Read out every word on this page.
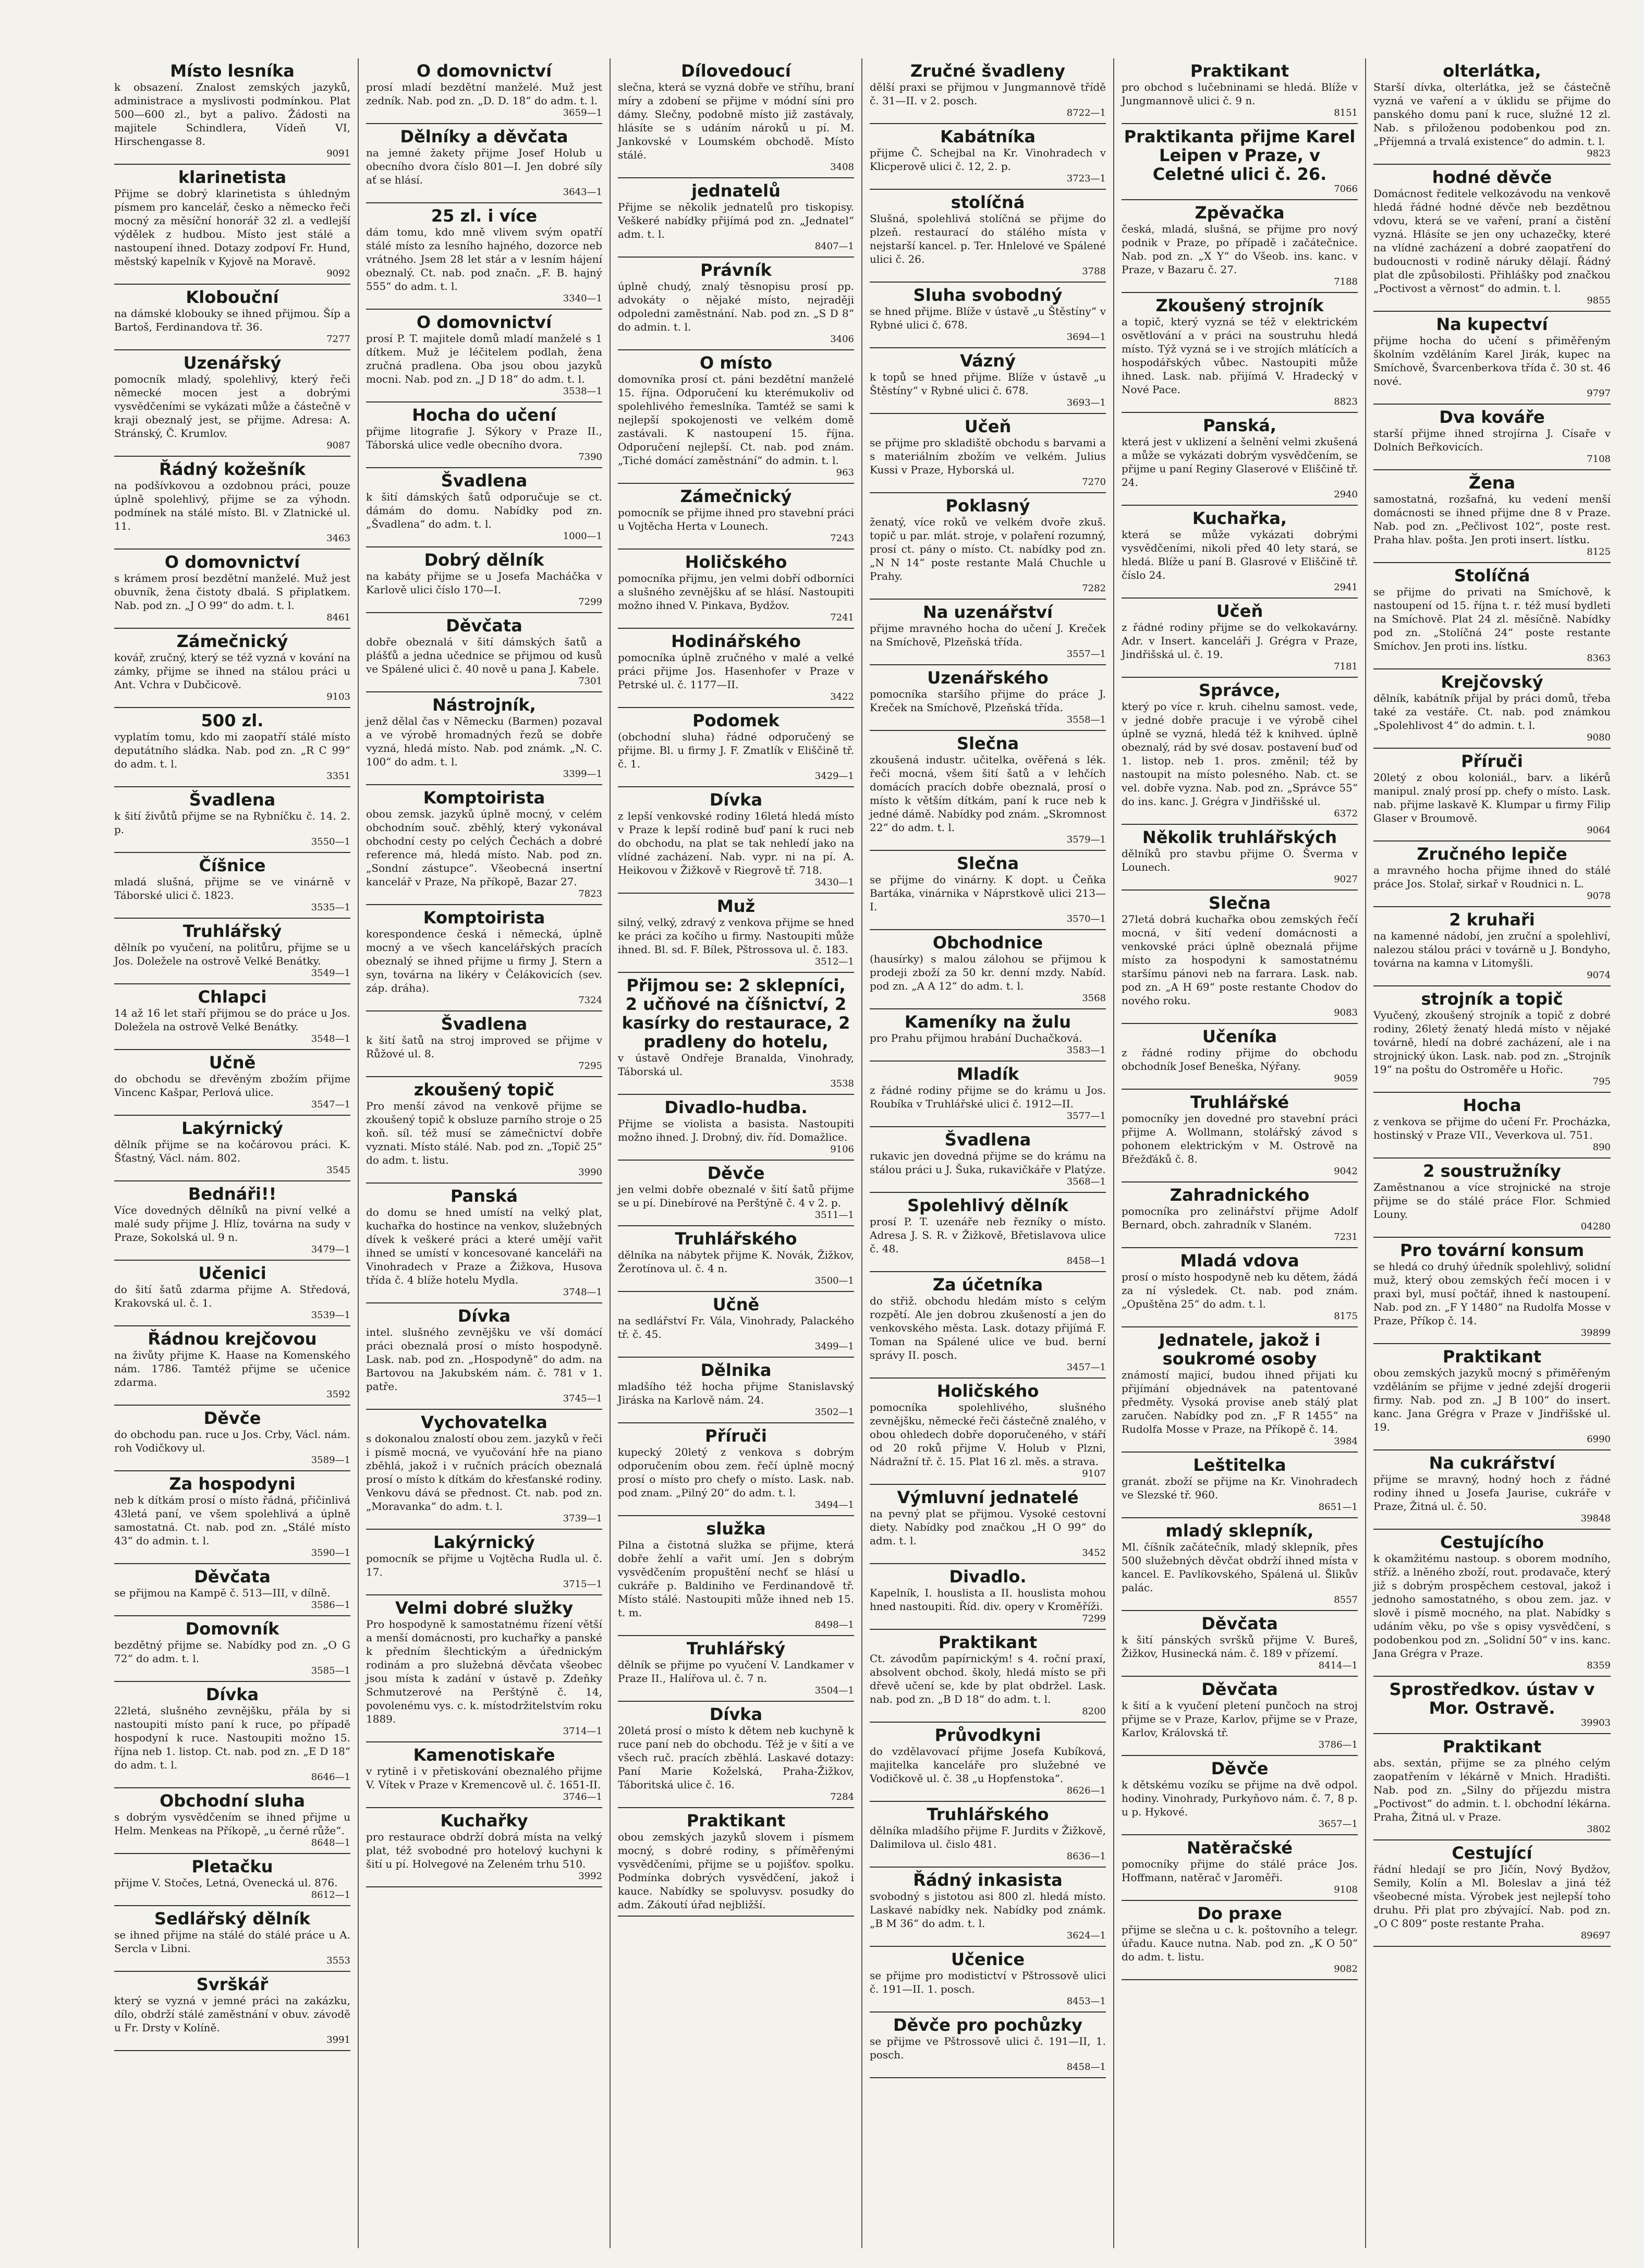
Místo lesníka

k obsazení. Znalost zemských jazyků, administrace a myslivosti podmínkou. Plat 500—600 zl., byt a palivo. Žádosti na majitele Schindlera, Vídeň VI, Hirschengasse 8.

9091
klarinetista

Přijme se dobrý klarinetista s úhledným písmem pro kancelář, česko a německo řeči mocný za měsíční honorář 32 zl. a vedlejší výdělek z hudbou. Místo jest stálé a nastoupení ihned. Dotazy zodpoví Fr. Hund, městský kapelník v Kyjově na Moravě.

9092
Klobouční

na dámské klobouky se ihned přijmou. Šíp a Bartoš, Ferdinandova tř. 36.

7277
Uzenářský

pomocník mladý, spolehlivý, který řeči německé mocen jest a dobrými vysvědčeními se vykázati může a částečně v kraji obeznalý jest, se přijme. Adresa: A. Stránský, Č. Krumlov.

9087
Řádný kožešník

na podšívkovou a ozdobnou práci, pouze úplně spolehlivý, přijme se za výhodn. podmínek na stálé místo. Bl. v Zlatnické ul. 11.

3463
O domovnictví

s krámem prosí bezdětní manželé. Muž jest obuvník, žena čistoty dbalá. S připlatkem. Nab. pod zn. „J O 99“ do adm. t. l.

8461
Zámečnický

kovář, zručný, který se též vyzná v kování na zámky, přijme se ihned na stálou práci u Ant. Vchra v Dubčicově.

9103
500 zl.

vyplatím tomu, kdo mi zaopatří stálé místo deputátního sládka. Nab. pod zn. „R C 99“ do adm. t. l.

3351
Švadlena

k šití živůtů přijme se na Rybníčku č. 14. 2. p.

3550—1
Číšnice

mladá slušná, přijme se ve vinárně v Táborské ulici č. 1823.

3535—1
Truhlářský

dělník po vyučení, na politůru, přijme se u Jos. Doležele na ostrově Velké Benátky.

3549—1
Chlapci

14 až 16 let staří přijmou se do práce u Jos. Doležela na ostrově Velké Benátky.

3548—1
Učně

do obchodu se dřevěným zbožím přijme Vincenc Kašpar, Perlová ulice.

3547—1
Lakýrnický

dělník přijme se na kočárovou práci. K. Šťastný, Václ. nám. 802.

3545
Bednáři!!

Více dovedných dělníků na pivní velké a malé sudy přijme J. Hlíz, továrna na sudy v Praze, Sokolská ul. 9 n.

3479—1
Učenici

do šití šatů zdarma přijme A. Středová, Krakovská ul. č. 1.

3539—1
Řádnou krejčovou

na živůty přijme K. Haase na Komenského nám. 1786. Tamtéž přijme se učenice zdarma.

3592
Děvče

do obchodu pan. ruce u Jos. Crby, Václ. nám. roh Vodičkovy ul.

3589—1
Za hospodyni

neb k dítkám prosí o místo řádná, přičinlivá 43letá paní, ve všem spolehlivá a úplně samostatná. Ct. nab. pod zn. „Stálé místo 43“ do admin. t. l.

3590—1
Děvčata

se přijmou na Kampě č. 513—III, v dílně.

3586—1
Domovník

bezdětný přijme se. Nabídky pod zn. „O G 72“ do adm. t. l.

3585—1
Dívka

22letá, slušného zevnějšku, přála by si nastoupiti místo paní k ruce, po případě hospodyní k ruce. Nastoupiti možno 15. října neb 1. listop. Ct. nab. pod zn. „E D 18“ do adm. t. l.

8646—1
Obchodní sluha

s dobrým vysvědčením se ihned přijme u Helm. Menkeas na Příkopě, „u černé růže“.

8648—1
Pletačku

přijme V. Stočes, Letná, Ovenecká ul. 876.

8612—1
Sedlářský dělník

se ihned přijme na stálé do stálé práce u A. Sercla v Libni.

3553
Svrškář

který se vyzná v jemné práci na zakázku, dílo, obdrží stálé zaměstnání v obuv. závodě u Fr. Drsty v Kolíně.

3991
O domovnictví

prosí mladí bezdětní manželé. Muž jest zedník. Nab. pod zn. „D. D. 18“ do adm. t. l.

3659—1
Dělníky a děvčata

na jemné žakety přijme Josef Holub u obecního dvora číslo 801—I. Jen dobré síly ať se hlásí.

3643—1
25 zl. i více

dám tomu, kdo mně vlivem svým opatří stálé místo za lesního hajného, dozorce neb vrátného. Jsem 28 let stár a v lesním hájení obeznalý. Ct. nab. pod značn. „F. B. hajný 555“ do adm. t. l.

3340—1
O domovnictví

prosí P. T. majitele domů mladí manželé s 1 dítkem. Muž je léčitelem podlah, žena zručná pradlena. Oba jsou obou jazyků mocni. Nab. pod zn. „J D 18“ do adm. t. l.

3538—1
Hocha do učení

přijme litografie J. Sýkory v Praze II., Táborská ulice vedle obecního dvora.

7390
Švadlena

k šití dámských šatů odporučuje se ct. dámám do domu. Nabídky pod zn. „Švadlena“ do adm. t. l.

1000—1
Dobrý dělník

na kabáty přijme se u Josefa Macháčka v Karlově ulici číslo 170—I.

7299
Děvčata

dobře obeznalá v šití dámských šatů a plášťů a jedna učednice se přijmou od kusů ve Spálené ulici č. 40 nově u pana J. Kabele.

7301
Nástrojník,

jenž dělal čas v Německu (Barmen) pozaval a ve výrobě hromadných řezů se dobře vyzná, hledá místo. Nab. pod známk. „N. C. 100“ do adm. t. l.

3399—1
Komptoirista

obou zemsk. jazyků úplně mocný, v celém obchodním souč. zběhlý, který vykonával obchodní cesty po celých Čechách a dobré reference má, hledá místo. Nab. pod zn. „Sondní zástupce“. Všeobecná insertní kancelář v Praze, Na příkopě, Bazar 27.

7823
Komptoirista

korespondence česká i německá, úplně mocný a ve všech kancelářských pracích obeznalý se ihned přijme u firmy J. Stern a syn, továrna na likéry v Čelákovicích (sev. záp. dráha).

7324
Švadlena

k šití šatů na stroj improved se přijme v Růžové ul. 8.

7295
zkoušený topič

Pro menší závod na venkově přijme se zkoušený topič k obsluze parního stroje o 25 koň. síl. též musí se zámečnictví dobře vyznati. Místo stálé. Nab. pod zn. „Topič 25“ do adm. t. listu.

3990
Panská

do domu se hned umístí na velký plat, kuchařka do hostince na venkov, služebných dívek k veškeré práci a které umějí vařit ihned se umístí v koncesované kanceláři na Vinohradech v Praze a Žižkova, Husova třída č. 4 blíže hotelu Mydla.

3748—1
Dívka

intel. slušného zevnějšku ve vší domácí práci obeznalá prosí o místo hospodyně. Lask. nab. pod zn. „Hospodyně“ do adm. na Bartovou na Jakubském nám. č. 781 v 1. patře.

3745—1
Vychovatelka

s dokonalou znalostí obou zem. jazyků v řeči i písmě mocná, ve vyučování hře na piano zběhlá, jakož i v ručních prácích obeznalá prosí o místo k dítkám do křesťanské rodiny. Venkovu dává se přednost. Ct. nab. pod zn. „Moravanka“ do adm. t. l.

3739—1
Lakýrnický

pomocník se přijme u Vojtěcha Rudla ul. č. 17.

3715—1
Velmi dobré služky

Pro hospodyně k samostatnému řízení větší a menší domácnosti, pro kuchařky a panské k předním šlechtickým a úřednickým rodinám a pro služebná děvčata všeobec jsou místa k zadání v ústavě p. Zdeňky Schmutzerové na Perštýně č. 14, povolenému vys. c. k. místodržitelstvím roku 1889.

3714—1
Kamenotiskaře

v rytině i v přetiskování obeznalého přijme V. Vítek v Praze v Kremencově ul. č. 1651-II.

3746—1
Kuchařky

pro restaurace obdrží dobrá místa na velký plat, též svobodné pro hotelový kuchyni k šití u pí. Holvegové na Zeleném trhu 510.

3992
Dílovedoucí

slečna, která se vyzná dobře ve stříhu, braní míry a zdobení se přijme v módní síni pro dámy. Slečny, podobně místo již zastávaly, hlásíte se s udáním nároků u pí. M. Jankovské v Loumském obchodě. Místo stálé.

3408
jednatelů

Přijme se několik jednatelů pro tiskopisy. Veškeré nabídky přijímá pod zn. „Jednatel“ adm. t. l.

8407—1
Právník

úplně chudý, znalý těsnopisu prosí pp. advokáty o nějaké místo, nejraději odpoledni zaměstnání. Nab. pod zn. „S D 8“ do admin. t. l.

3406
O místo

domovníka prosí ct. páni bezdětní manželé 15. října. Odporučení ku kterémukoliv od spolehlivého řemeslníka. Tamtéž se sami k nejlepší spokojenosti ve velkém domě zastávali. K nastoupení 15. října. Odporučení nejlepší. Ct. nab. pod znám. „Tiché domácí zaměstnání“ do admin. t. l.

963
Zámečnický

pomocník se přijme ihned pro stavební práci u Vojtěcha Herta v Lounech.

7243
Holičského

pomocníka přijmu, jen velmi dobří odborníci a slušného zevnějšku ať se hlásí. Nastoupiti možno ihned V. Pinkava, Bydžov.

7241
Hodinářského

pomocníka úplně zručného v malé a velké práci přijme Jos. Hasenhofer v Praze v Petrské ul. č. 1177—II.

3422
Podomek

(obchodní sluha) řádné odporučený se přijme. Bl. u firmy J. F. Zmatlík v Eliščině tř. č. 1.

3429—1
Dívka

z lepší venkovské rodiny 16letá hledá místo v Praze k lepší rodině buď paní k ruci neb do obchodu, na plat se tak nehledí jako na vlídné zacházení. Nab. vypr. ni na pí. A. Heikovou v Žižkově v Riegrově tř. 718.

3430—1
Muž

silný, velký, zdravý z venkova přijme se hned ke práci za kočího u firmy. Nastoupiti může ihned. Bl. sd. F. Bílek, Pštrossova ul. č. 183.

3512—1
Přijmou se: 2 sklepníci, 2 učňové na číšnictví, 2 kasírky do restaurace, 2 pradleny do hotelu,

v ústavě Ondřeje Branalda, Vinohrady, Táborská ul.

3538
Divadlo-hudba.

Přijme se violista a basista. Nastoupiti možno ihned. J. Drobný, div. říd. Domažlice.

9106
Děvče

jen velmi dobře obeznalé v šití šatů přijme se u pí. Dinebírové na Perštýně č. 4 v 2. p.

3511—1
Truhlářského

dělníka na nábytek přijme K. Novák, Žižkov, Žerotínova ul. č. 4 n.

3500—1
Učně

na sedlářství Fr. Vála, Vinohrady, Palackého tř. č. 45.

3499—1
Dělnika

mladšího též hocha přijme Stanislavský Jiráska na Karlově nám. 24.

3502—1
Příruči

kupecký 20letý z venkova s dobrým odporučením obou zem. řečí úplně mocný prosí o místo pro chefy o místo. Lask. nab. pod znam. „Pilný 20“ do adm. t. l.

3494—1
služka

Pilna a čistotná služka se přijme, která dobře žehlí a vařit umí. Jen s dobrým vysvědčením propuštění nechť se hlásí u cukráře p. Baldiniho ve Ferdinandově tř. Místo stálé. Nastoupiti může ihned neb 15. t. m.

8498—1
Truhlářský

dělník se přijme po vyučení V. Landkamer v Praze II., Halířova ul. č. 7 n.

3504—1
Dívka

20letá prosí o místo k dětem neb kuchyně k ruce paní neb do obchodu. Též je v šití a ve všech ruč. pracích zběhlá. Laskavé dotazy: Paní Marie Koželská, Praha-Žižkov, Táboritská ulice č. 16.

7284
Praktikant

obou zemských jazyků slovem i písmem mocný, s dobré rodiny, s příměřenými vysvědčeními, přijme se u pojišťov. spolku. Podmínka dobrých vysvědčení, jakož i kauce. Nabídky se spoluvysv. posudky do adm. Zákoutí úřad nejbližší.

Zručné švadleny

dělší praxi se přijmou v Jungmannově třídě č. 31—II. v 2. posch.

8722—1
Kabátníka

přijme Č. Schejbal na Kr. Vinohradech v Klicperově ulici č. 12, 2. p.

3723—1
stolíčná

Slušná, spolehlivá stolíčná se přijme do plzeň. restaurací do stálého místa v nejstarší kancel. p. Ter. Hnlelové ve Spálené ulici č. 26.

3788
Sluha svobodný

se hned přijme. Blíže v ústavě „u Štěstíny“ v Rybné ulici č. 678.

3694—1
Vázný

k topů se hned přijme. Blíže v ústavě „u Štěstíny“ v Rybné ulici č. 678.

3693—1
Učeň

se přijme pro skladiště obchodu s barvami a s materiálním zbožím ve velkém. Julius Kussi v Praze, Hyborská ul.

7270
Poklasný

ženatý, více roků ve velkém dvoře zkuš. topič u par. mlát. stroje, v polaření rozumný, prosí ct. pány o místo. Ct. nabídky pod zn. „N N 14“ poste restante Malá Chuchle u Prahy.

7282
Na uzenářství

přijme mravného hocha do učení J. Kreček na Smíchově, Plzeňská třída.

3557—1
Uzenářského

pomocníka staršího přijme do práce J. Kreček na Smíchově, Plzeňská třída.

3558—1
Slečna

zkoušená industr. učitelka, ověřená s lék. řeči mocná, všem šití šatů a v lehčích domácích pracích dobře obeznalá, prosí o místo k větším dítkám, paní k ruce neb k jedné dámě. Nabídky pod znám. „Skromnost 22“ do adm. t. l.

3579—1
Slečna

se přijme do vinárny. K dopt. u Čeňka Bartáka, vinárnika v Náprstkově ulici 213—I.

3570—1
Obchodnice

(hausírky) s malou zálohou se přijmou k prodeji zboží za 50 kr. denní mzdy. Nabíd. pod zn. „A A 12“ do adm. t. l.

3568
Kameníky na žulu

pro Prahu přijmou hrabání Duchačková.

3583—1
Mladík

z řádné rodiny přijme se do krámu u Jos. Roubíka v Truhlářské ulici č. 1912—II.

3577—1
Švadlena

rukavic jen dovedná přijme se do krámu na stálou práci u J. Šuka, rukavičkáře v Platýze.

3568—1
Spolehlivý dělník

prosí P. T. uzenáře neb řezníky o místo. Adresa J. S. R. v Žižkově, Břetislavova ulice č. 48.

8458—1
Za účetníka

do střiž. obchodu hledám místo s celým rozpětí. Ale jen dobrou zkušeností a jen do venkovského města. Lask. dotazy přijímá F. Toman na Spálené ulice ve bud. berní správy II. posch.

3457—1
Holičského

pomocníka spolehlivého, slušného zevnějšku, německé řeči částečně znalého, v obou ohledech dobře doporučeného, v stáří od 20 roků přijme V. Holub v Plzni, Nádražní tř. č. 15. Plat 16 zl. měs. a strava.

9107
Výmluvní jednatelé

na pevný plat se přijmou. Vysoké cestovní diety. Nabídky pod značkou „H O 99“ do adm. t. l.

3452
Divadlo.

Kapelník, I. houslista a II. houslista mohou hned nastoupiti. Říd. div. opery v Kroměříži.

7299
Praktikant

Ct. závodům papírnickým! s 4. roční praxí, absolvent obchod. školy, hledá místo se při dřevě učení se, kde by plat obdržel. Lask. nab. pod zn. „B D 18“ do adm. t. l.

8200
Průvodkyni

do vzdělavovací přijme Josefa Kubíková, majitelka kanceláře pro služebné ve Vodičkově ul. č. 38 „u Hopfenstoka“.

8626—1
Truhlářského

dělníka mladšího přijme F. Jurdits v Žižkově, Dalimilova ul. čislo 481.

8636—1
Řádný inkasista

svobodný s jistotou asi 800 zl. hledá místo. Laskavé nabídky nek. Nabídky pod známk. „B M 36“ do adm. t. l.

3624—1
Učenice

se přijme pro modistictví v Pštrossově ulici č. 191—II. 1. posch.

8453—1
Děvče pro pochůzky

se přijme ve Pštrossově ulici č. 191—II, 1. posch.

8458—1
Praktikant

pro obchod s lučebninami se hledá. Blíže v Jungmannově ulici č. 9 n.

8151
Praktikanta přijme Karel Leipen v Praze, v Celetné ulici č. 26.

7066
Zpěvačka

česká, mladá, slušná, se přijme pro nový podnik v Praze, po případě i začátečnice. Nab. pod zn. „X Y“ do Všeob. ins. kanc. v Praze, v Bazaru č. 27.

7188
Zkoušený strojník

a topič, který vyzná se též v elektrickém osvětlování a v práci na soustruhu hledá místo. Týž vyzná se i ve strojích mlátících a hospodářských vůbec. Nastoupiti může ihned. Lask. nab. přijímá V. Hradecký v Nové Pace.

8823
Panská,

která jest v uklizení a šelnění velmi zkušená a může se vykázati dobrým vysvědčením, se přijme u paní Reginy Glaserové v Eliščině tř. 24.

2940
Kuchařka,

která se může vykázati dobrými vysvědčeními, nikoli před 40 lety stará, se hledá. Blíže u paní B. Glasrové v Eliščině tř. číslo 24.

2941
Učeň

z řádné rodiny přijme se do velkokavárny. Adr. v Insert. kanceláři J. Grégra v Praze, Jindřišská ul. č. 19.

7181
Správce,

který po více r. kruh. cihelnu samost. vede, v jedné dobře pracuje i ve výrobě cihel úplně se vyzná, hledá též k knihved. úplně obeznalý, rád by své dosav. postavení buď od 1. listop. neb 1. pros. změnil; též by nastoupit na místo polesného. Nab. ct. se vel. dobře vyzna. Nab. pod zn. „Správce 55“ do ins. kanc. J. Grégra v Jindřišské ul.

6372
Několik truhlářských

dělníků pro stavbu přijme O. Šverma v Lounech.

9027
Slečna

27letá dobrá kuchařka obou zemských řečí mocná, v šití vedení domácnosti a venkovské práci úplně obeznalá přijme místo za hospodyni k samostatnému staršímu pánovi neb na farrara. Lask. nab. pod zn. „A H 69“ poste restante Chodov do nového roku.

9083
Učeníka

z řádné rodiny přijme do obchodu obchodník Josef Beneška, Nýřany.

9059
Truhlářské

pomocníky jen dovedné pro stavební práci přijme A. Wollmann, stolářský závod s pohonem elektrickým v M. Ostrově na Břežďáků č. 8.

9042
Zahradnického

pomocníka pro zelinářství přijme Adolf Bernard, obch. zahradník v Slaném.

7231
Mladá vdova

prosí o místo hospodyně neb ku dětem, žádá za ní výsledek. Ct. nab. pod znám. „Opuštěna 25“ do adm. t. l.

8175
Jednatele, jakož i soukromé osoby

známostí majicí, budou ihned přijati ku přijímání objednávek na patentované předměty. Vysoká provise aneb stálý plat zaručen. Nabídky pod zn. „F R 1455“ na Rudolfa Mosse v Praze, na Příkopě č. 14.

3984
Leštitelka

granát. zboží se přijme na Kr. Vinohradech ve Slezské tř. 960.

8651—1
mladý sklepník,

Ml. číšník začátečník, mladý sklepník, přes 500 služebných děvčat obdrží ihned místa v kancel. E. Pavlíkovského, Spálená ul. Šlikův palác.

8557
Děvčata

k šití pánských svršků přijme V. Bureš, Žižkov, Husinecká nám. č. 189 v přízemí.

8414—1
Děvčata

k šití a k vyučení pletení punčoch na stroj přijme se v Praze, Karlov, přijme se v Praze, Karlov, Královská tř.

3786—1
Děvče

k dětskému vozíku se přijme na dvě odpol. hodiny. Vinohrady, Purkyňovo nám. č. 7, 8 p. u p. Hykové.

3657—1
Natěračské

pomocníky přijme do stálé práce Jos. Hoffmann, natěrač v Jaroměři.

9108
Do praxe

přijme se slečna u c. k. poštovního a telegr. úřadu. Kauce nutna. Nab. pod zn. „K O 50“ do adm. t. listu.

9082
olterlátka,

Starší dívka, olterlátka, jež se částečně vyzná ve vaření a v úklidu se přijme do panského domu paní k ruce, služné 12 zl. Nab. s přiloženou podobenkou pod zn. „Příjemná a trvalá existence“ do admin. t. l.

9823
hodné děvče

Domácnost ředitele velkozávodu na venkově hledá řádné hodné děvče neb bezdětnou vdovu, která se ve vaření, praní a čistění vyzná. Hlásíte se jen ony uchazečky, které na vlídné zacházení a dobré zaopatření do budoucnosti v rodině náruky dělají. Řádný plat dle způsobilosti. Přihlášky pod značkou „Poctivost a věrnost“ do admin. t. l.

9855
Na kupectví

přijme hocha do učení s přiměřeným školním vzděláním Karel Jirák, kupec na Smíchově, Švarcenberkova třída č. 30 st. 46 nové.

9797
Dva kováře

starší přijme ihned strojírna J. Císaře v Dolních Beřkovicích.

7108
Žena

samostatná, rozšafná, ku vedení menší domácnosti se ihned přijme dne 8 v Praze. Nab. pod zn. „Pečlivost 102“, poste rest. Praha hlav. pošta. Jen proti insert. lístku.

8125
Stolíčná

se přijme do privati na Smíchově, k nastoupení od 15. října t. r. též musí bydleti na Smíchově. Plat 24 zl. měsíčně. Nabídky pod zn. „Stolíčná 24“ poste restante Smíchov. Jen proti ins. lístku.

8363
Krejčovský

dělník, kabátník přijal by práci domů, třeba také za vestáře. Ct. nab. pod známkou „Spolehlivost 4“ do admin. t. l.

9080
Příruči

20letý z obou koloniál., barv. a likérů manipul. znalý prosí pp. chefy o místo. Lask. nab. přijme laskavě K. Klumpar u firmy Filip Glaser v Broumově.

9064
Zručného lepiče

a mravného hocha přijme ihned do stálé práce Jos. Stolař, sirkař v Roudnici n. L.

9078
2 kruhaři

na kamenné nádobí, jen zruční a spolehliví, nalezou stálou práci v továrně u J. Bondyho, továrna na kamna v Litomyšli.

9074
strojník a topič

Vyučený, zkoušený strojník a topič z dobré rodiny, 26letý ženatý hledá místo v nějaké továrně, hledí na dobré zacházení, ale i na strojnický úkon. Lask. nab. pod zn. „Strojník 19“ na poštu do Ostroměře u Hořic.

795
Hocha

z venkova se přijme do učení Fr. Procházka, hostinský v Praze VII., Veverkova ul. 751.

890
2 soustružníky

Zaměstnanou a více strojnické na stroje přijme se do stálé práce Flor. Schmied Louny.

04280
Pro tovární konsum

se hledá co druhý úředník spolehlivý, solidní muž, který obou zemských řečí mocen i v praxi byl, musí počtář, ihned k nastoupení. Nab. pod zn. „F Y 1480“ na Rudolfa Mosse v Praze, Příkop č. 14.

39899
Praktikant

obou zemských jazyků mocný s přiměřeným vzděláním se přijme v jedné zdejší drogerii firmy. Nab. pod zn. „J B 100“ do insert. kanc. Jana Grégra v Praze v Jindřišské ul. 19.

6990
Na cukrářství

přijme se mravný, hodný hoch z řádné rodiny ihned u Josefa Jaurise, cukráře v Praze, Žitná ul. č. 50.

39848
Cestujícího

k okamžitému nastoup. s oborem modního, stříž. a lněného zboží, rout. prodavače, který již s dobrým prospěchem cestoval, jakož i jednoho samostatného, s obou zem. jaz. v slově i písmě mocného, na plat. Nabídky s udáním věku, po vše s opisy vysvědčení, s podobenkou pod zn. „Solidní 50“ v ins. kanc. Jana Grégra v Praze.

8359
Sprostředkov. ústav v Mor. Ostravě.

39903
Praktikant

abs. sextán, přijme se za plného celým zaopatřením v lékárně v Mnich. Hradišti. Nab. pod zn. „Silny do příjezdu mistra „Poctivost“ do admin. t. l. obchodní lékárna. Praha, Žitná ul. v Praze.

3802
Cestující

řádní hledají se pro Jičín, Nový Bydžov, Semily, Kolín a Ml. Boleslav a jiná též všeobecné místa. Výrobek jest nejlepší toho druhu. Při plat pro zbývající. Nab. pod zn. „O C 809“ poste restante Praha.

89697
